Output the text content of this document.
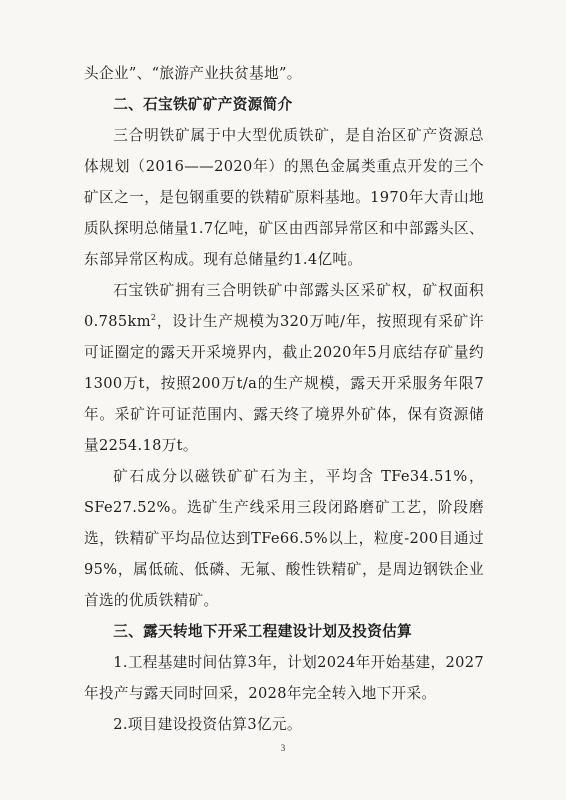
头企业”、“旅游产业扶贫基地”。

二、石宝铁矿矿产资源简介

三合明铁矿属于中大型优质铁矿，是自治区矿产资源总体规划（2016——2020年）的黑色金属类重点开发的三个矿区之一，是包钢重要的铁精矿原料基地。1970年大青山地质队探明总储量1.7亿吨，矿区由西部异常区和中部露头区、东部异常区构成。现有总储量约1.4亿吨。

石宝铁矿拥有三合明铁矿中部露头区采矿权，矿权面积$0.785km^2$，设计生产规模为320万吨/年，按照现有采矿许可证圈定的露天开采境界内，截止2020年5月底结存矿量约1300万t，按照200万t/a的生产规模，露天开采服务年限7年。采矿许可证范围内、露天终了境界外矿体，保有资源储量2254.18万t。

矿石成分以磁铁矿矿石为主，平均含 TFe34.51%，SFe27.52%。选矿生产线采用三段闭路磨矿工艺，阶段磨选，铁精矿平均品位达到TFe66.5%以上，粒度-200目通过95%，属低硫、低磷、无氟、酸性铁精矿，是周边钢铁企业首选的优质铁精矿。

三、露天转地下开采工程建设计划及投资估算

1.工程基建时间估算3年，计划2024年开始基建，2027年投产与露天同时回采，2028年完全转入地下开采。

2.项目建设投资估算3亿元。

3
